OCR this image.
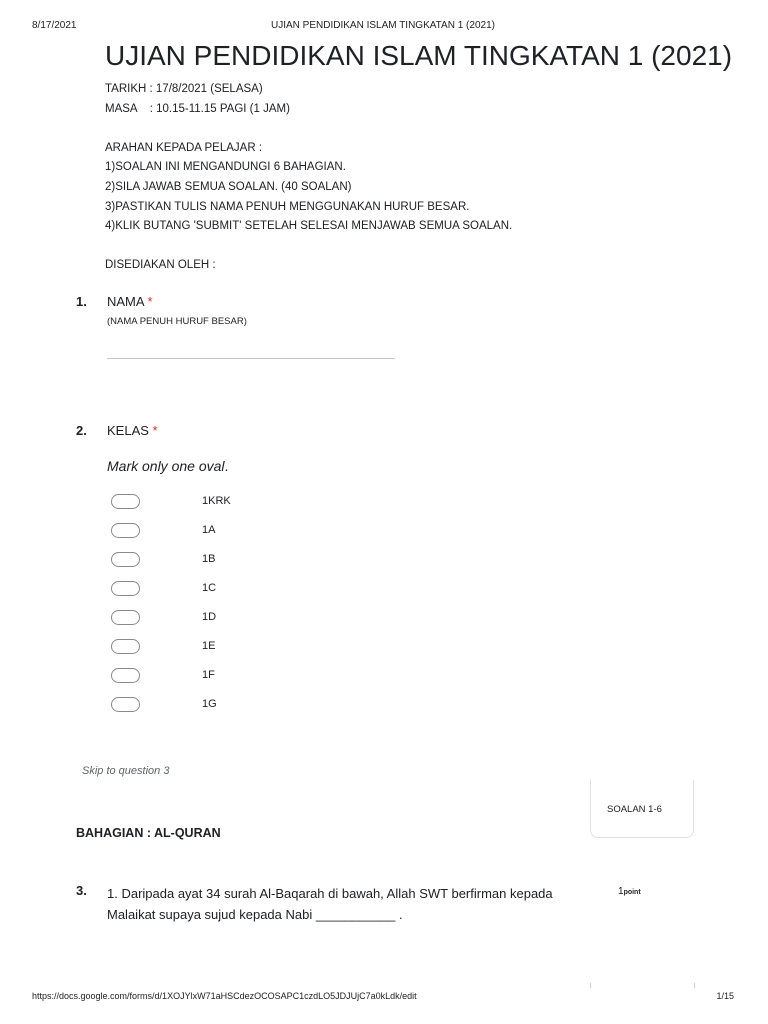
8/17/2021	UJIAN PENDIDIKAN ISLAM TINGKATAN 1 (2021)
UJIAN PENDIDIKAN ISLAM TINGKATAN 1 (2021)
TARIKH : 17/8/2021 (SELASA)
MASA    : 10.15-11.15 PAGI (1 JAM)
ARAHAN KEPADA PELAJAR :
1)SOALAN INI MENGANDUNGI 6 BAHAGIAN.
2)SILA JAWAB SEMUA SOALAN. (40 SOALAN)
3)PASTIKAN TULIS NAMA PENUH MENGGUNAKAN HURUF BESAR.
4)KLIK BUTANG 'SUBMIT' SETELAH SELESAI MENJAWAB SEMUA SOALAN.
DISEDIAKAN OLEH :
1. NAMA *
(NAMA PENUH HURUF BESAR)
2. KELAS *
Mark only one oval.
1KRK
1A
1B
1C
1D
1E
1F
1G
Skip to question 3
SOALAN 1-6
BAHAGIAN : AL-QURAN
3. 1. Daripada ayat 34 surah Al-Baqarah di bawah, Allah SWT berfirman kepada
Malaikat supaya sujud kepada Nabi ___________ .
1point
https://docs.google.com/forms/d/1XOJYlxW71aHSCdezOCOSAPC1czdLO5JDJUjC7a0kLdk/edit	1/15
